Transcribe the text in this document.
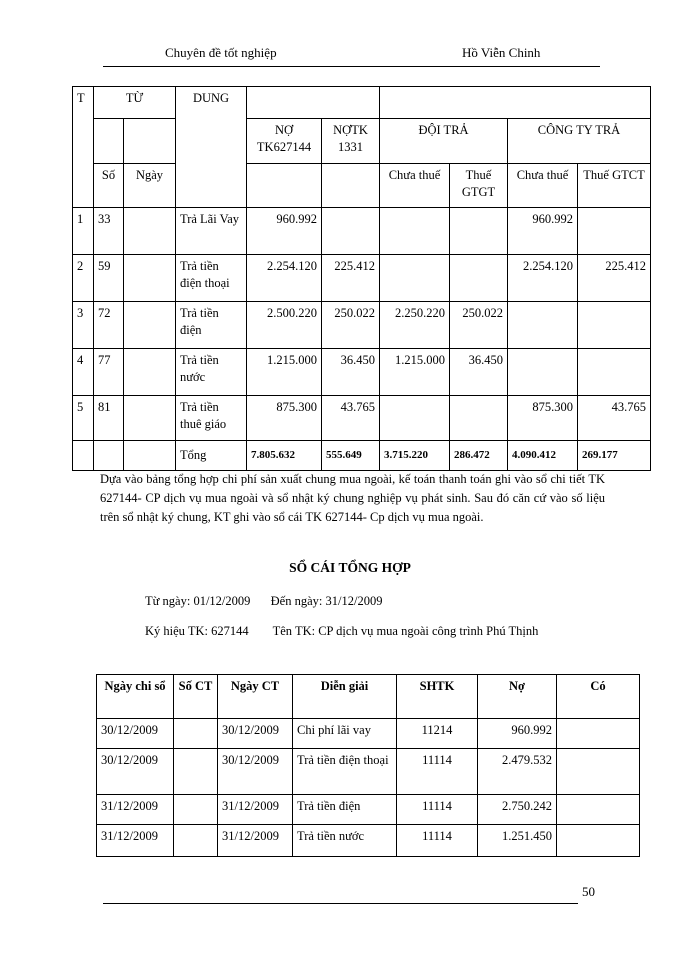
Chuyên đề tốt nghiệp	Hồ Viễn Chinh
T	TỪ		DUNG						
				NỢ TK627144	NỢTK 1331	ĐỘI TRẢ		CÔNG TY TRẢ	
	Số	Ngày				Chưa thuế	Thuế GTGT	Chưa thuế	Thuế GTCT
1	33		Trả Lãi Vay	960.992				960.992	
2	59		Trả tiền điện thoại	2.254.120	225.412			2.254.120	225.412
3	72		Trả tiền điện	2.500.220	250.022	2.250.220	250.022		
4	77		Trả tiền nước	1.215.000	36.450	1.215.000	36.450		
5	81		Trả tiền thuê giáo	875.300	43.765			875.300	43.765
			Tổng	7.805.632	555.649	3.715.220	286.472	4.090.412	269.177
Dựa vào bảng tổng hợp chi phí sản xuất chung mua ngoài, kế toán thanh toán ghi vào sổ chi tiết TK 627144- CP dịch vụ mua ngoài và sổ nhật ký chung nghiệp vụ phát sinh. Sau đó căn cứ vào số liệu trên sổ nhật ký chung, KT ghi vào sổ cái TK 627144- Cp dịch vụ mua ngoài.
SỔ CÁI TỔNG HỢP
Từ ngày: 01/12/2009 Đến ngày: 31/12/2009
Ký hiệu TK: 627144 Tên TK: CP dịch vụ mua ngoài công trình Phú Thịnh
Ngày chi sổ	Số CT	Ngày CT	Diễn giải	SHTK	Nợ	Có
30/12/2009		30/12/2009	Chi phí lãi vay	11214	960.992	
30/12/2009		30/12/2009	Trả tiền điện thoại	11114	2.479.532	
31/12/2009		31/12/2009	Trả tiền điện	11114	2.750.242	
31/12/2009		31/12/2009	Trả tiền nước	11114	1.251.450	
50
